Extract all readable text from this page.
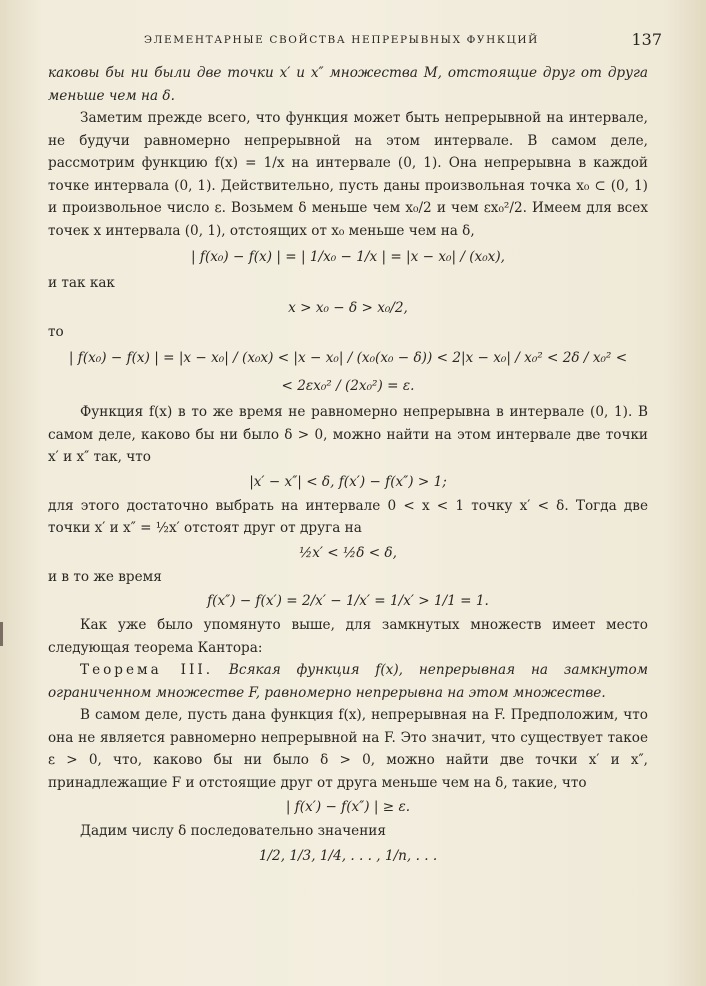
ЭЛЕМЕНТАРНЫЕ СВОЙСТВА НЕПРЕРЫВНЫХ ФУНКЦИЙ	137

каковы бы ни были две точки x′ и x″ множества M, отстоящие друг от друга меньше чем на δ.

Заметим прежде всего, что функция может быть непрерывной на интервале, не будучи равномерно непрерывной на этом интервале. В самом деле, рассмотрим функцию f(x) = 1/x на интервале (0, 1). Она непрерывна в каждой точке интервала (0, 1). Действительно, пусть даны произвольная точка x₀ ⊂ (0, 1) и произвольное число ε. Возьмем δ меньше чем x₀/2 и чем εx₀²/2. Имеем для всех точек x интервала (0, 1), отстоящих от x₀ меньше чем на δ,

| f(x₀) − f(x) | = | 1/x₀ − 1/x | = |x − x₀| / (x₀x),

и так как

x > x₀ − δ > x₀/2,

то

| f(x₀) − f(x) | = |x − x₀| / (x₀x) < |x − x₀| / (x₀(x₀ − δ)) < 2|x − x₀| / x₀² < 2δ / x₀² <
< 2εx₀² / (2x₀²) = ε.

Функция f(x) в то же время не равномерно непрерывна в интервале (0, 1). В самом деле, каково бы ни было δ > 0, можно найти на этом интервале две точки x′ и x″ так, что

|x′ − x″| < δ, f(x′) − f(x″) > 1;

для этого достаточно выбрать на интервале 0 < x < 1 точку x′ < δ. Тогда две точки x′ и x″ = ½x′ отстоят друг от друга на

½x′ < ½δ < δ,

и в то же время

f(x″) − f(x′) = 2/x′ − 1/x′ = 1/x′ > 1/1 = 1.

Как уже было упомянуто выше, для замкнутых множеств имеет место следующая теорема Кантора:

Теорема III. Всякая функция f(x), непрерывная на замкнутом ограниченном множестве F, равномерно непрерывна на этом множестве.

В самом деле, пусть дана функция f(x), непрерывная на F. Предположим, что она не является равномерно непрерывной на F. Это значит, что существует такое ε > 0, что, каково бы ни было δ > 0, можно найти две точки x′ и x″, принадлежащие F и отстоящие друг от друга меньше чем на δ, такие, что

| f(x′) − f(x″) | ≥ ε.

Дадим числу δ последовательно значения

1/2, 1/3, 1/4, . . . , 1/n, . . .
